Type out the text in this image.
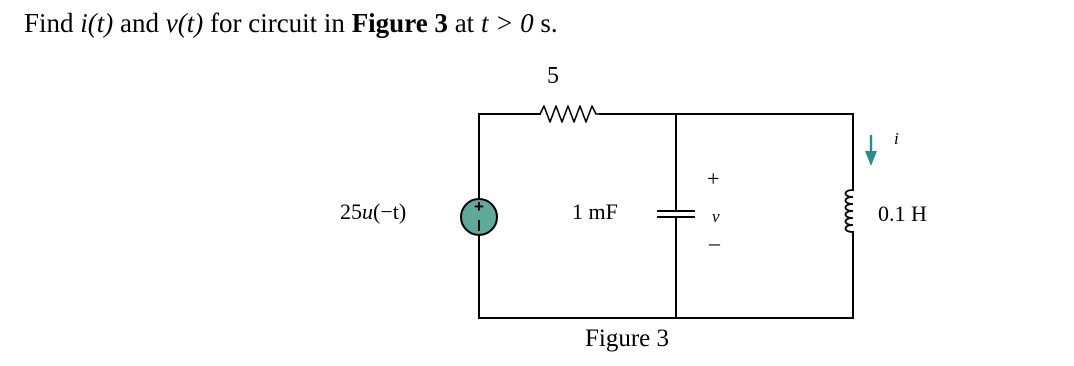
Find i(t) and v(t) for circuit in Figure 3 at t > 0 s.
+
5
25u(−t)	1 mF
+
v
–
0.1 H
i
Figure 3
